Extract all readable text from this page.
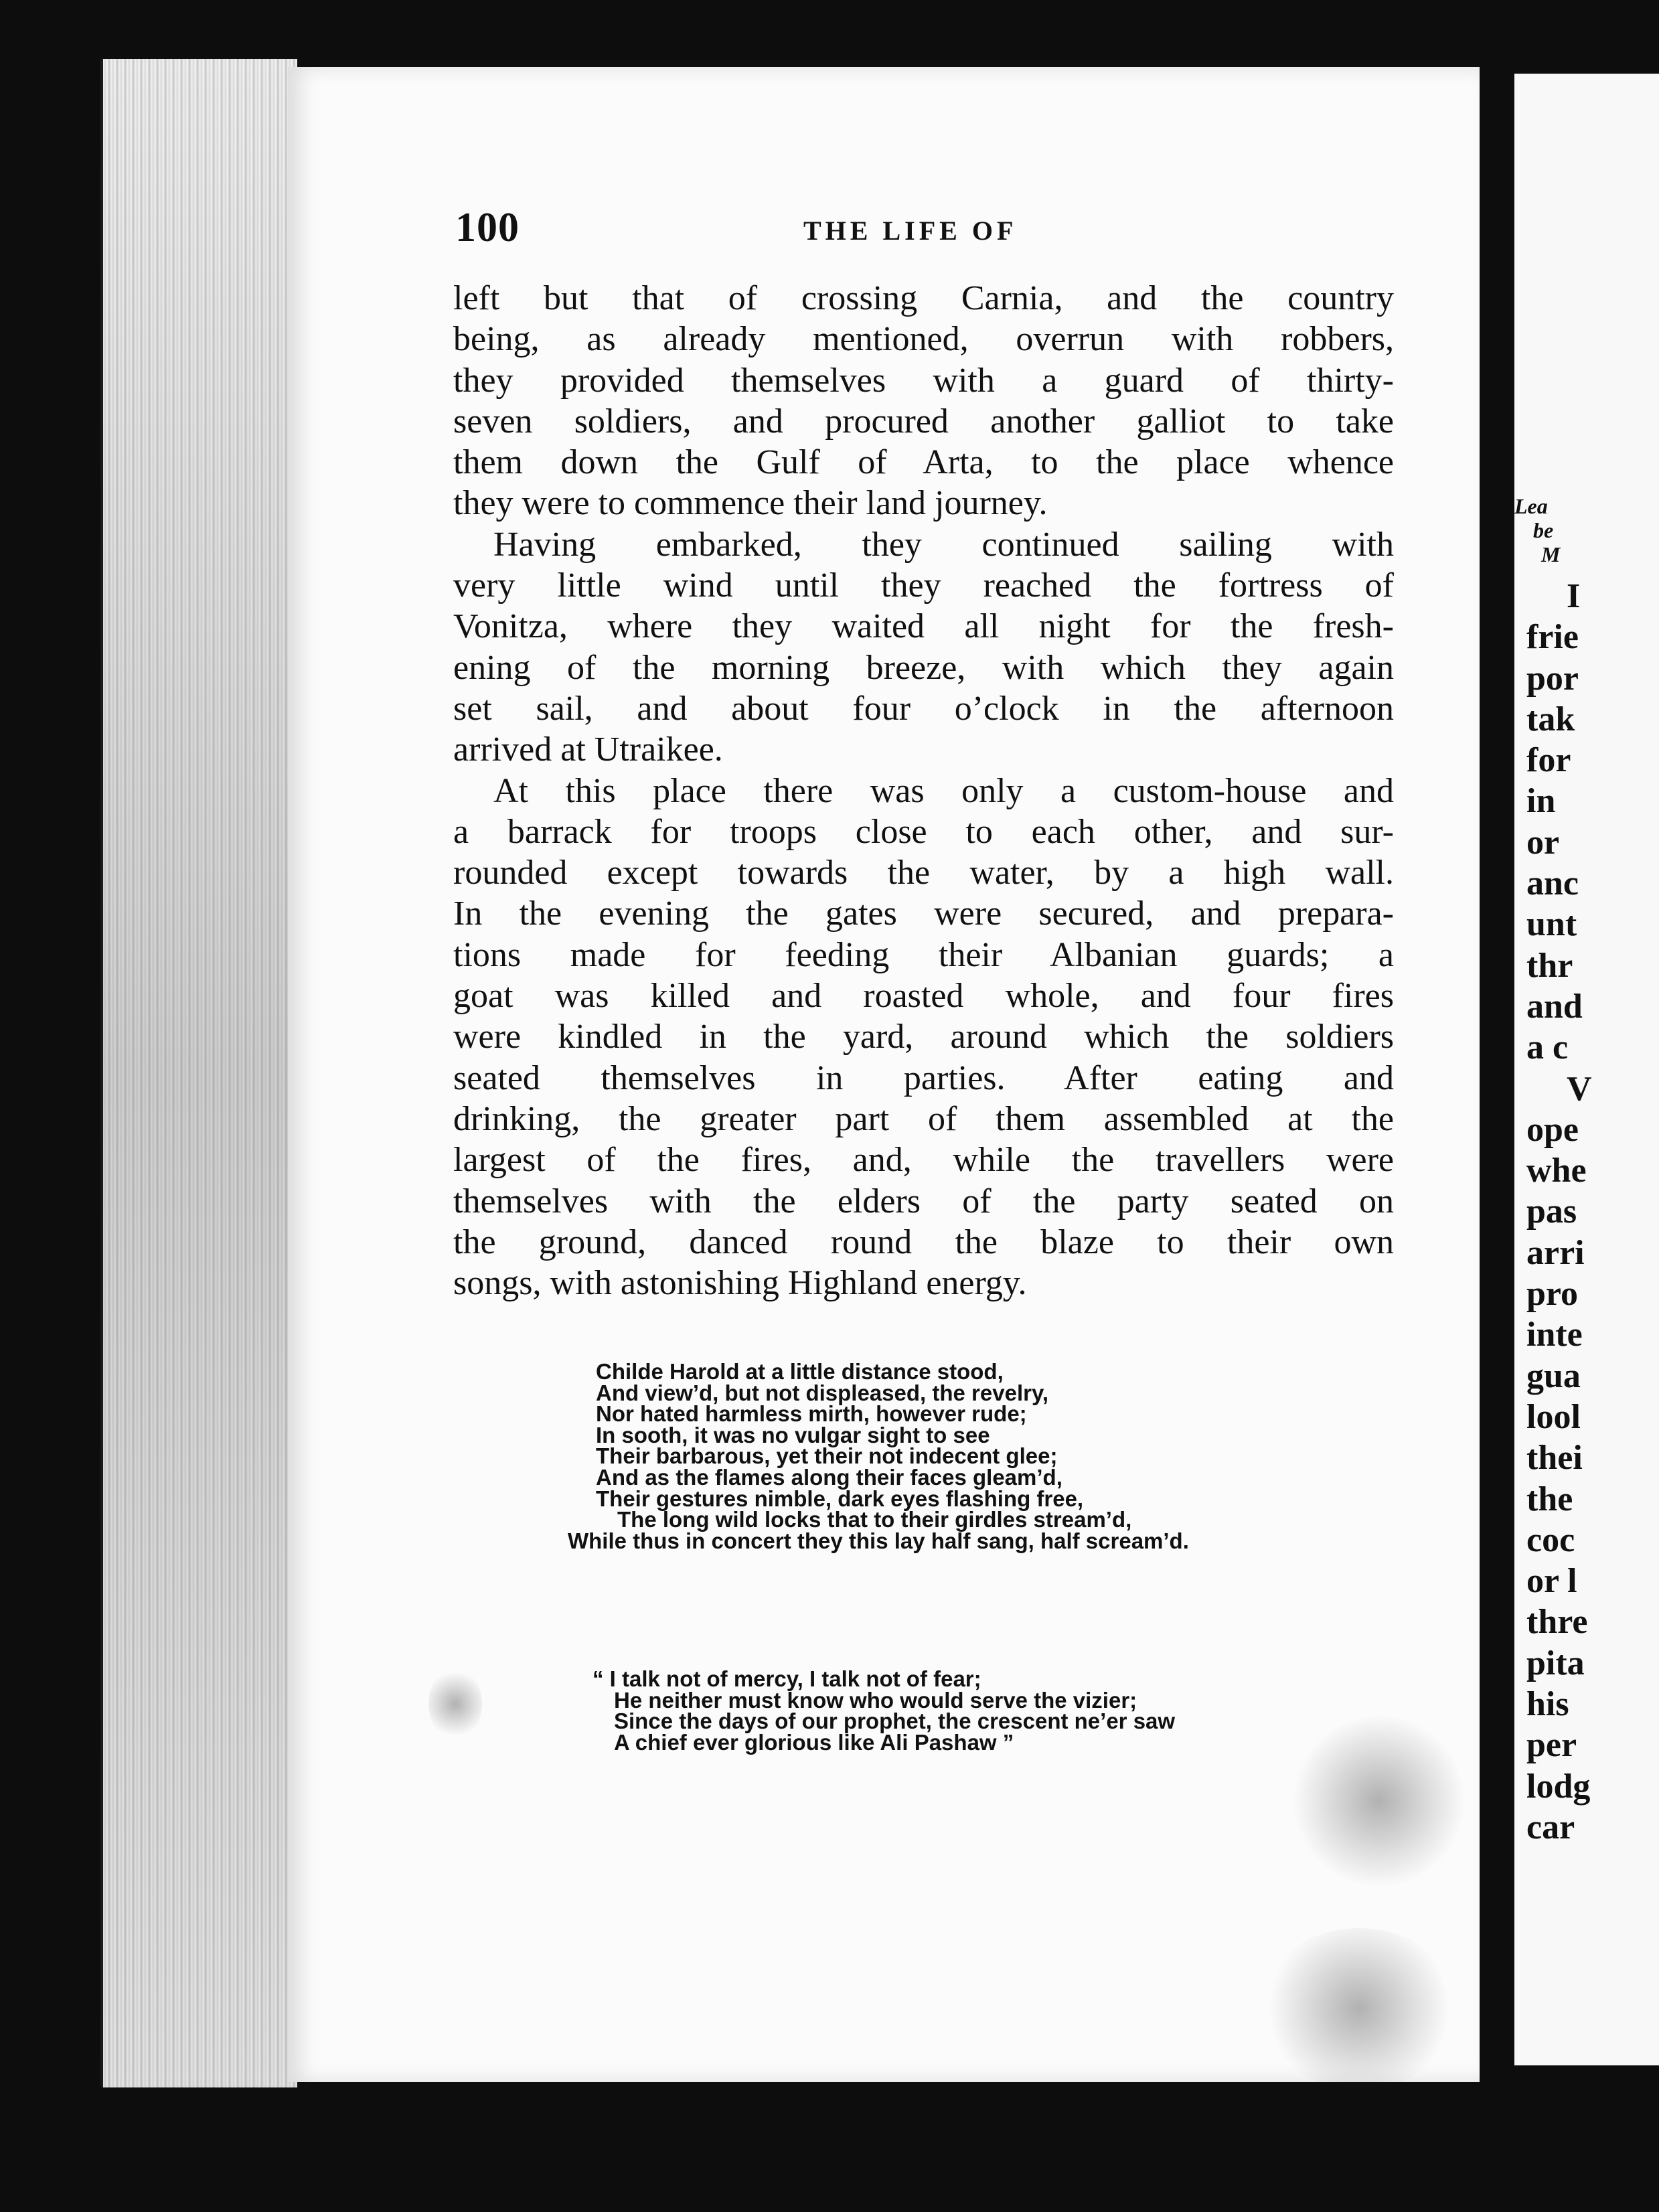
100	THE LIFE OF
left but that of crossing Carnia, and the country
being, as already mentioned, overrun with robbers,
they provided themselves with a guard of thirty-
seven soldiers, and procured another galliot to take
them down the Gulf of Arta, to the place whence
they were to commence their land journey.
Having embarked, they continued sailing with
very little wind until they reached the fortress of
Vonitza, where they waited all night for the fresh-
ening of the morning breeze, with which they again
set sail, and about four o’clock in the afternoon
arrived at Utraikee.
At this place there was only a custom-house and
a barrack for troops close to each other, and sur-
rounded except towards the water, by a high wall.
In the evening the gates were secured, and prepara-
tions made for feeding their Albanian guards; a
goat was killed and roasted whole, and four fires
were kindled in the yard, around which the soldiers
seated themselves in parties. After eating and
drinking, the greater part of them assembled at the
largest of the fires, and, while the travellers were
themselves with the elders of the party seated on
the ground, danced round the blaze to their own
songs, with astonishing Highland energy.
Childe Harold at a little distance stood,
And view’d, but not displeased, the revelry,
Nor hated harmless mirth, however rude;
In sooth, it was no vulgar sight to see
Their barbarous, yet their not indecent glee;
And as the flames along their faces gleam’d,
Their gestures nimble, dark eyes flashing free,
The long wild locks that to their girdles stream’d,
While thus in concert they this lay half sang, half scream’d.
“ I talk not of mercy, I talk not of fear;
He neither must know who would serve the vizier;
Since the days of our prophet, the crescent ne’er saw
A chief ever glorious like Ali Pashaw ”
Lea
be
M
I
frie
por
tak
for
in
or
anc
unt
thr
and
a c
V
ope
whe
pas
arri
pro
inte
gua
lool
thei
the
coc
or l
thre
pita
his
per
lodg
car
